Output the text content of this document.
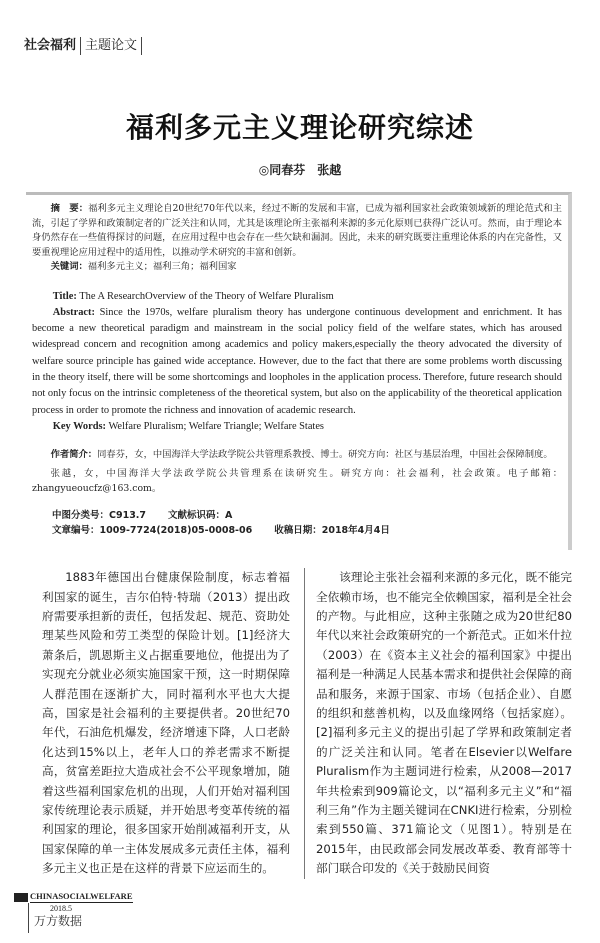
社会福利 主题论文
福利多元主义理论研究综述
◎同春芬　张越
摘　要：福利多元主义理论自20世纪70年代以来，经过不断的发展和丰富，已成为福利国家社会政策领域新的理论范式和主流，引起了学界和政策制定者的广泛关注和认同，尤其是该理论所主张福利来源的多元化原则已获得广泛认可。然而，由于理论本身仍然存在一些值得探讨的问题，在应用过程中也会存在一些欠缺和漏洞。因此，未来的研究既要注重理论体系的内在完备性，又要重视理论应用过程中的适用性，以推动学术研究的丰富和创新。
关键词：福利多元主义；福利三角；福利国家
Title: The A ResearchOverview of the Theory of Welfare Pluralism
Abstract: Since the 1970s, welfare pluralism theory has undergone continuous development and enrichment. It has become a new theoretical paradigm and mainstream in the social policy field of the welfare states, which has aroused widespread concern and recognition among academics and policy makers,especially the theory advocated the diversity of welfare source principle has gained wide acceptance. However, due to the fact that there are some problems worth discussing in the theory itself, there will be some shortcomings and loopholes in the application process. Therefore, future research should not only focus on the intrinsic completeness of the theoretical system, but also on the applicability of the theoretical application process in order to promote the richness and innovation of academic research.
Key Words: Welfare Pluralism; Welfare Triangle; Welfare States
作者简介：同春芬，女，中国海洋大学法政学院公共管理系教授、博士。研究方向：社区与基层治理，中国社会保障制度。
张越，女，中国海洋大学法政学院公共管理系在读研究生。研究方向：社会福利，社会政策。电子邮箱：zhangyueoucfz@163.com。
中图分类号：C913.7 文献标识码：A
文章编号：1009-7724(2018)05-0008-06 收稿日期：2018年4月4日
1883年德国出台健康保险制度，标志着福利国家的诞生，吉尔伯特·特瑞（2013）提出政府需要承担新的责任，包括发起、规范、资助处理某些风险和劳工类型的保险计划。[1]经济大萧条后，凯恩斯主义占据重要地位，他提出为了实现充分就业必须实施国家干预，这一时期保障人群范围在逐渐扩大，同时福利水平也大大提高，国家是社会福利的主要提供者。20世纪70年代，石油危机爆发，经济增速下降，人口老龄化达到15%以上，老年人口的养老需求不断提高，贫富差距拉大造成社会不公平现象增加，随着这些福利国家危机的出现，人们开始对福利国家传统理论表示质疑，并开始思考变革传统的福利国家的理论，很多国家开始削减福利开支，从国家保障的单一主体发展成多元责任主体，福利多元主义也正是在这样的背景下应运而生的。
该理论主张社会福利来源的多元化，既不能完全依赖市场，也不能完全依赖国家，福利是全社会的产物。与此相应，这种主张随之成为20世纪80年代以来社会政策研究的一个新范式。正如米什拉（2003）在《资本主义社会的福利国家》中提出福利是一种满足人民基本需求和提供社会保障的商品和服务，来源于国家、市场（包括企业）、自愿的组织和慈善机构，以及血缘网络（包括家庭）。[2]福利多元主义的提出引起了学界和政策制定者的广泛关注和认同。笔者在Elsevier以Welfare Pluralism作为主题词进行检索，从2008—2017年共检索到909篇论文，以“福利多元主义”和“福利三角”作为主题关键词在CNKI进行检索，分别检索到550篇、371篇论文（见图1）。特别是在2015年，由民政部会同发展改革委、教育部等十部门联合印发的《关于鼓励民间资
CHINASOCIALWELFARE
2018.5
万方数据
